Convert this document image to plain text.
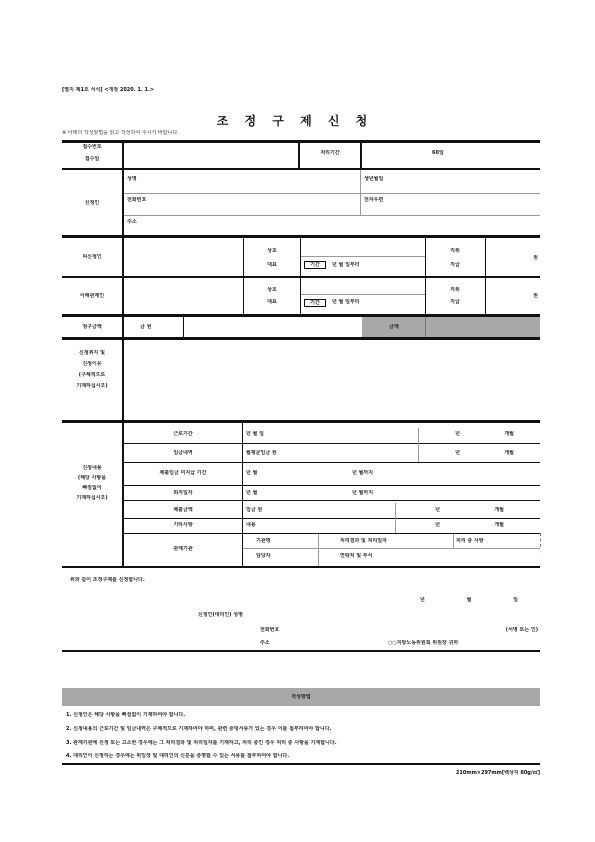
[별지 제1호 서식] <개정 2020. 1. 1.>
조 정 구 제 신 청
※ 아래의 작성방법을 읽고 작성하여 주시기 바랍니다.
접수번호
접수일
처리기간	60일
신청인
성명	생년월일
전화번호	전자우편
주소
피신청인
상호
대표	기간	년 월 일부터
직위
직급
원
이해관계인
상호
대표	기간	년 월 일부터
직위
직급
원
청구금액	금 원	금액
신청취지 및
신청이유
(구체적으로
기재하십시오)
신청내용
(해당 사항을
빠짐없이
기재하십시오)
근로기간	년 월 일	년	개월
임금내역	월평균임금 원	년	개월
체불임금 미지급 기간	년 월	년 월까지
퇴직일자	년 월	년 월까지
체불금액	임금 원	년	개월
기타사항	내용	년	개월
관계기관
기관명	처리결과 및 처리일자	처리 중 사항
담당자	연락처 및 부서
위와 같이 조정구제를 신청합니다.
년 월 일
신청인(대리인) 성명
(서명 또는 인)
전화번호
주소	○○지방노동위원회 위원장 귀하
작성방법
1. 신청인은 해당 사항을 빠짐없이 기재하여야 합니다.
2. 신청내용의 근로기간 및 임금내역은 구체적으로 기재하여야 하며, 관련 증빙서류가 있는 경우 이를 첨부하여야 합니다.
3. 관계기관에 진정 또는 고소한 경우에는 그 처리결과 및 처리일자를 기재하고, 처리 중인 경우 처리 중 사항을 기재합니다.
4. 대리인이 신청하는 경우에는 위임장 및 대리인의 신분을 증명할 수 있는 서류를 첨부하여야 합니다.
210mm×297mm[백상지 80g/㎡]
